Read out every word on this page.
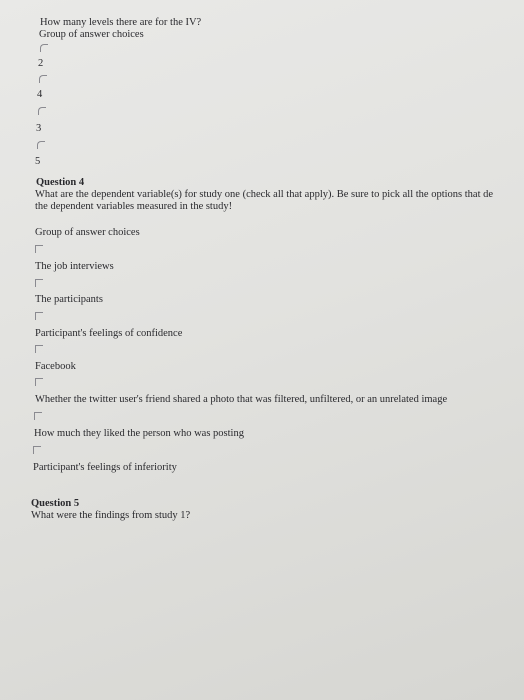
How many levels there are for the IV?
Group of answer choices
2
4
3
5
Question 4
What are the dependent variable(s) for study one (check all that apply). Be sure to pick all the options that de
the dependent variables measured in the study!
Group of answer choices
The job interviews
The participants
Participant's feelings of confidence
Facebook
Whether the twitter user's friend shared a photo that was filtered, unfiltered, or an unrelated image
How much they liked the person who was posting
Participant's feelings of inferiority
Question 5
What were the findings from study 1?
